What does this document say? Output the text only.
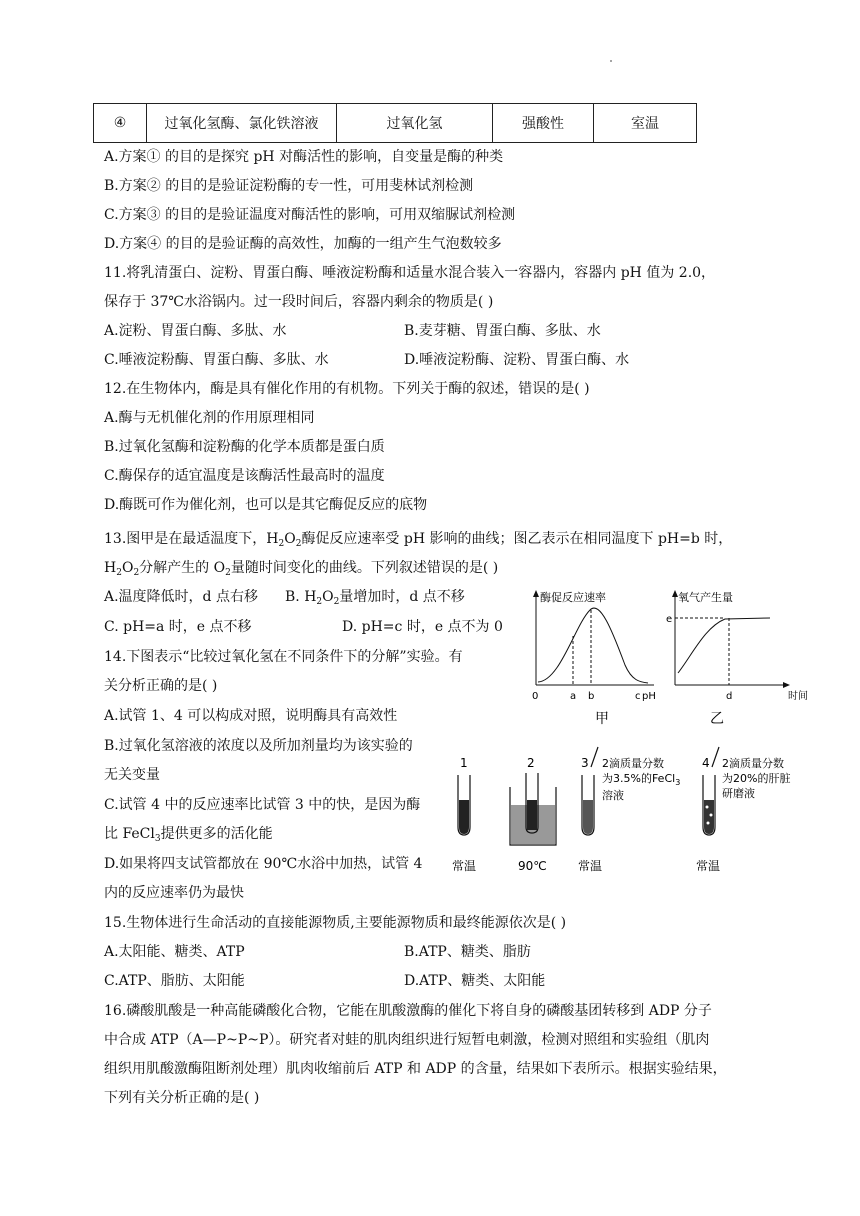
④	过氧化氢酶、氯化铁溶液	过氧化氢	强酸性	室温
A.方案① 的目的是探究 pH 对酶活性的影响，自变量是酶的种类
B.方案② 的目的是验证淀粉酶的专一性，可用斐林试剂检测
C.方案③ 的目的是验证温度对酶活性的影响，可用双缩脲试剂检测
D.方案④ 的目的是验证酶的高效性，加酶的一组产生气泡数较多
11.将乳清蛋白、淀粉、胃蛋白酶、唾液淀粉酶和适量水混合装入一容器内，容器内 pH 值为 2.0，
保存于 37℃水浴锅内。过一段时间后，容器内剩余的物质是( )
A.淀粉、胃蛋白酶、多肽、水	B.麦芽糖、胃蛋白酶、多肽、水
C.唾液淀粉酶、胃蛋白酶、多肽、水	D.唾液淀粉酶、淀粉、胃蛋白酶、水
12.在生物体内，酶是具有催化作用的有机物。下列关于酶的叙述，错误的是( )
A.酶与无机催化剂的作用原理相同
B.过氧化氢酶和淀粉酶的化学本质都是蛋白质
C.酶保存的适宜温度是该酶活性最高时的温度
D.酶既可作为催化剂，也可以是其它酶促反应的底物
13.图甲是在最适温度下，$H_2O_2$酶促反应速率受 pH 影响的曲线；图乙表示在相同温度下 pH=b 时，
$H_2O_2$分解产生的 $O_2$量随时间变化的曲线。下列叙述错误的是( )
A.温度降低时，d 点右移 B. $H_2O_2$量增加时，d 点不移
C. pH=a 时，e 点不移	D. pH=c 时，e 点不为 0
14.下图表示“比较过氧化氢在不同条件下的分解”实验。有
关分析正确的是( )
A.试管 1、4 可以构成对照，说明酶具有高效性
B.过氧化氢溶液的浓度以及所加剂量均为该实验的
无关变量
C.试管 4 中的反应速率比试管 3 中的快，是因为酶
比 FeCl$_3$提供更多的活化能
D.如果将四支试管都放在 90℃水浴中加热，试管 4
内的反应速率仍为最快
15.生物体进行生命活动的直接能源物质,主要能源物质和最终能源依次是( )
A.太阳能、糖类、ATP	B.ATP、糖类、脂肪
C.ATP、脂肪、太阳能	D.ATP、糖类、太阳能
16.磷酸肌酸是一种高能磷酸化合物，它能在肌酸激酶的催化下将自身的磷酸基团转移到 ADP 分子
中合成 ATP（A—P~P~P）。研究者对蛙的肌肉组织进行短暂电刺激，检测对照组和实验组（肌肉
组织用肌酸激酶阻断剂处理）肌肉收缩前后 ATP 和 ADP 的含量，结果如下表所示。根据实验结果，
下列有关分析正确的是( )
酶促反应速率
0	a b	c pH
甲
氧气产生量
e
d	时间
乙
1
常温
2
90℃
3 2滴质量分数
为3.5%的FeCl$_3$
溶液
常温
4 2滴质量分数
为20%的肝脏
研磨液
常温
